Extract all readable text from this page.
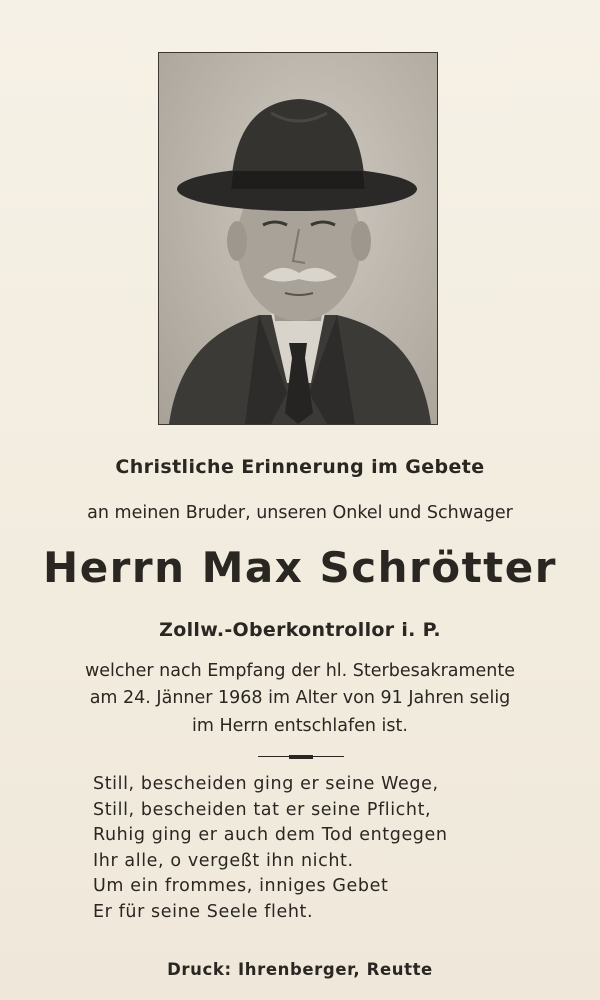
Christliche Erinnerung im Gebete
an meinen Bruder, unseren Onkel und Schwager
Herrn Max Schrötter
Zollw.-Oberkontrollor i. P.
welcher nach Empfang der hl. Sterbesakramente
am 24. Jänner 1968 im Alter von 91 Jahren selig
im Herrn entschlafen ist.
Still, bescheiden ging er seine Wege,
Still, bescheiden tat er seine Pflicht,
Ruhig ging er auch dem Tod entgegen
Ihr alle, o vergeßt ihn nicht.
Um ein frommes, inniges Gebet
Er für seine Seele fleht.
Druck: Ihrenberger, Reutte
